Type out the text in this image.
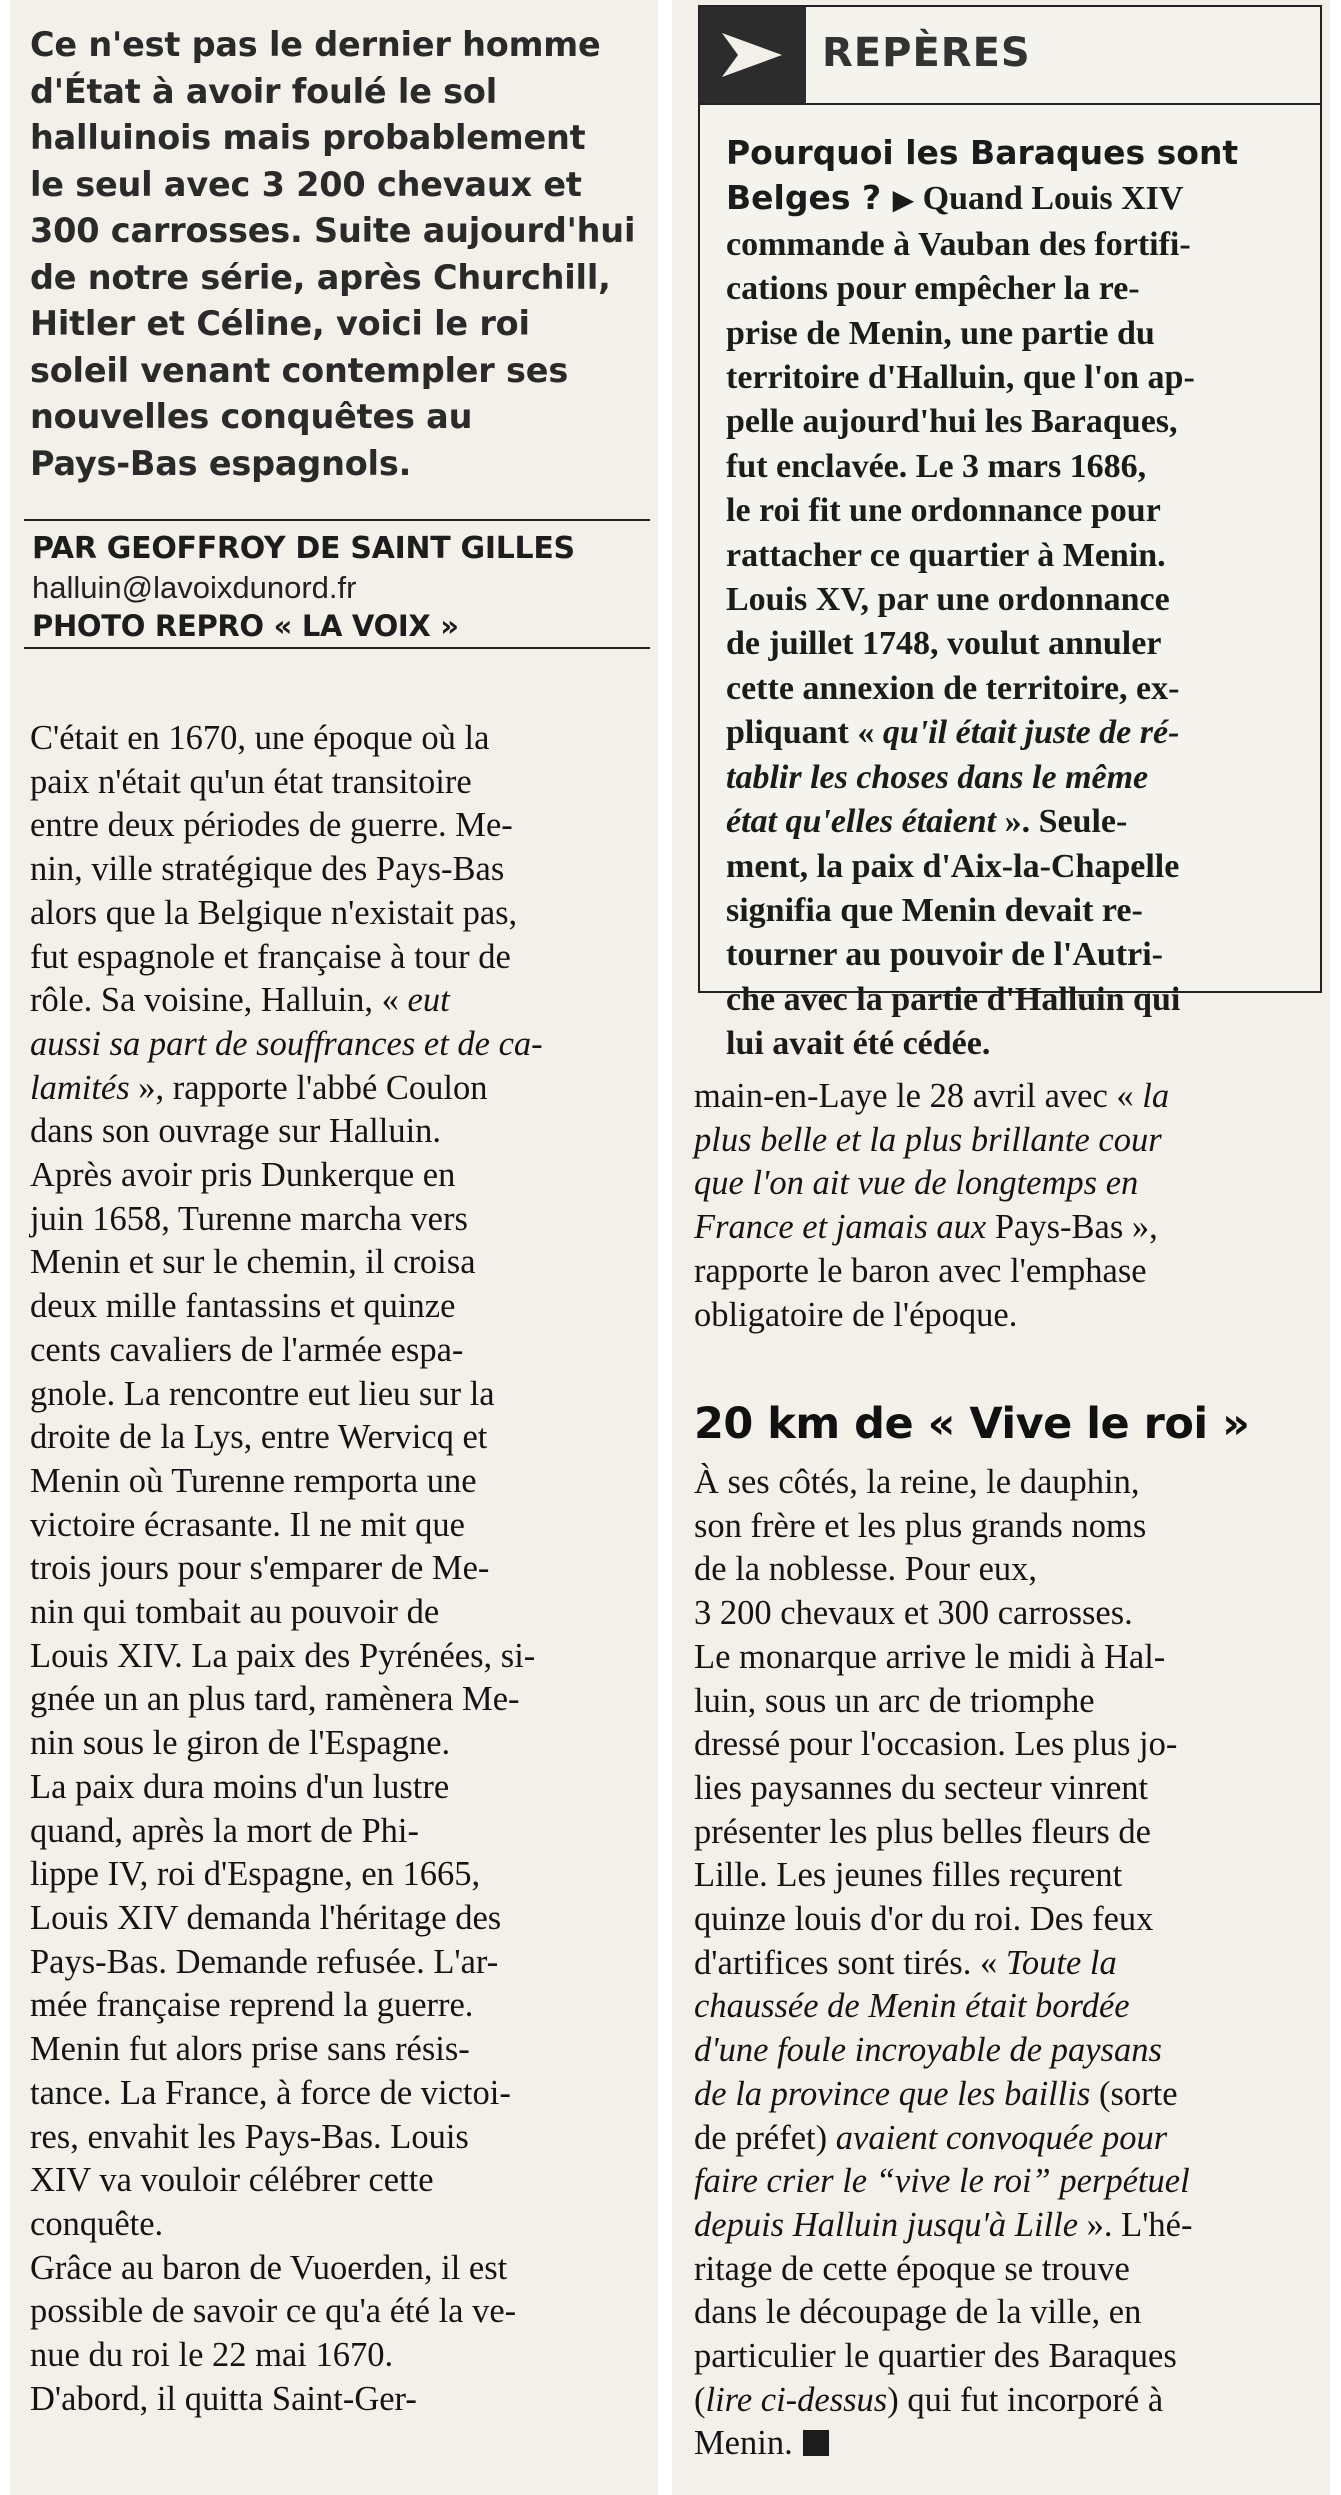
Ce n'est pas le dernier homme
d'État à avoir foulé le sol
halluinois mais probablement
le seul avec 3 200 chevaux et
300 carrosses. Suite aujourd'hui
de notre série, après Churchill,
Hitler et Céline, voici le roi
soleil venant contempler ses
nouvelles conquêtes au
Pays-Bas espagnols.
PAR GEOFFROY DE SAINT GILLES
halluin@lavoixdunord.fr
PHOTO REPRO « LA VOIX »

C'était en 1670, une époque où la
paix n'était qu'un état transitoire
entre deux périodes de guerre. Me-
nin, ville stratégique des Pays-Bas
alors que la Belgique n'existait pas,
fut espagnole et française à tour de
rôle. Sa voisine, Halluin, « eut
aussi sa part de souffrances et de ca-
lamités », rapporte l'abbé Coulon
dans son ouvrage sur Halluin.

Après avoir pris Dunkerque en
juin 1658, Turenne marcha vers
Menin et sur le chemin, il croisa
deux mille fantassins et quinze
cents cavaliers de l'armée espa-
gnole. La rencontre eut lieu sur la
droite de la Lys, entre Wervicq et
Menin où Turenne remporta une
victoire écrasante. Il ne mit que
trois jours pour s'emparer de Me-
nin qui tombait au pouvoir de
Louis XIV. La paix des Pyrénées, si-
gnée un an plus tard, ramènera Me-
nin sous le giron de l'Espagne.

La paix dura moins d'un lustre
quand, après la mort de Phi-
lippe IV, roi d'Espagne, en 1665,
Louis XIV demanda l'héritage des
Pays-Bas. Demande refusée. L'ar-
mée française reprend la guerre.
Menin fut alors prise sans résis-
tance. La France, à force de victoi-
res, envahit les Pays-Bas. Louis
XIV va vouloir célébrer cette
conquête.

Grâce au baron de Vuoerden, il est
possible de savoir ce qu'a été la ve-
nue du roi le 22 mai 1670.
D'abord, il quitta Saint-Ger-

REPÈRES
Pourquoi les Baraques sont
Belges ? ▶ Quand Louis XIV
commande à Vauban des fortifi-
cations pour empêcher la re-
prise de Menin, une partie du
territoire d'Halluin, que l'on ap-
pelle aujourd'hui les Baraques,
fut enclavée. Le 3 mars 1686,
le roi fit une ordonnance pour
rattacher ce quartier à Menin.
Louis XV, par une ordonnance
de juillet 1748, voulut annuler
cette annexion de territoire, ex-
pliquant « qu'il était juste de ré-
tablir les choses dans le même
état qu'elles étaient ». Seule-
ment, la paix d'Aix-la-Chapelle
signifia que Menin devait re-
tourner au pouvoir de l'Autri-
che avec la partie d'Halluin qui
lui avait été cédée.

main-en-Laye le 28 avril avec « la
plus belle et la plus brillante cour
que l'on ait vue de longtemps en
France et jamais aux Pays-Bas »,
rapporte le baron avec l'emphase
obligatoire de l'époque.

20 km de « Vive le roi »

À ses côtés, la reine, le dauphin,
son frère et les plus grands noms
de la noblesse. Pour eux,
3 200 chevaux et 300 carrosses.
Le monarque arrive le midi à Hal-
luin, sous un arc de triomphe
dressé pour l'occasion. Les plus jo-
lies paysannes du secteur vinrent
présenter les plus belles fleurs de
Lille. Les jeunes filles reçurent
quinze louis d'or du roi. Des feux
d'artifices sont tirés. « Toute la
chaussée de Menin était bordée
d'une foule incroyable de paysans
de la province que les baillis (sorte
de préfet) avaient convoquée pour
faire crier le “vive le roi” perpétuel
depuis Halluin jusqu'à Lille ». L'hé-
ritage de cette époque se trouve
dans le découpage de la ville, en
particulier le quartier des Baraques
(lire ci-dessus) qui fut incorporé à
Menin.
